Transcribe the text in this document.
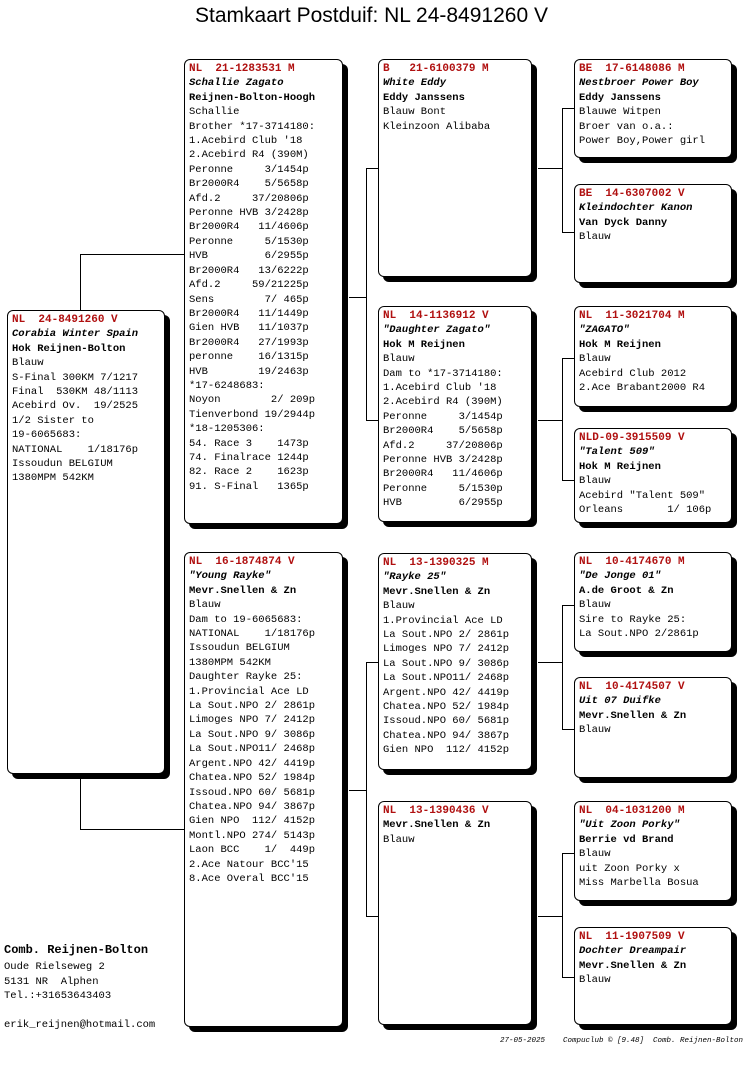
Stamkaart Postduif: NL 24-8491260 V
NL  24-8491260 V
Corabia Winter Spain
Hok Reijnen-Bolton
Blauw
S-Final 300KM 7/1217
Final  530KM 48/1113
Acebird Ov.  19/2525
1/2 Sister to
19-6065683:
NATIONAL    1/18176p
Issoudun BELGIUM
1380MPM 542KM
NL  21-1283531 M
Schallie Zagato
Reijnen-Bolton-Hoogh
Schallie
Brother *17-3714180:
1.Acebird Club '18
2.Acebird R4 (390M)
Peronne     3/1454p
Br2000R4    5/5658p
Afd.2     37/20806p
Peronne HVB 3/2428p
Br2000R4   11/4606p
Peronne     5/1530p
HVB         6/2955p
Br2000R4   13/6222p
Afd.2     59/21225p
Sens        7/ 465p
Br2000R4   11/1449p
Gien HVB   11/1037p
Br2000R4   27/1993p
peronne    16/1315p
HVB        19/2463p
*17-6248683:
Noyon        2/ 209p
Tienverbond 19/2944p
*18-1205306:
54. Race 3    1473p
74. Finalrace 1244p
82. Race 2    1623p
91. S-Final   1365p
NL  16-1874874 V
"Young Rayke"
Mevr.Snellen & Zn
Blauw
Dam to 19-6065683:
NATIONAL    1/18176p
Issoudun BELGIUM
1380MPM 542KM
Daughter Rayke 25:
1.Provincial Ace LD
La Sout.NPO 2/ 2861p
Limoges NPO 7/ 2412p
La Sout.NPO 9/ 3086p
La Sout.NPO11/ 2468p
Argent.NPO 42/ 4419p
Chatea.NPO 52/ 1984p
Issoud.NPO 60/ 5681p
Chatea.NPO 94/ 3867p
Gien NPO  112/ 4152p
Montl.NPO 274/ 5143p
Laon BCC    1/  449p
2.Ace Natour BCC'15
8.Ace Overal BCC'15
B   21-6100379 M
White Eddy
Eddy Janssens
Blauw Bont
Kleinzoon Alibaba
NL  14-1136912 V
"Daughter Zagato"
Hok M Reijnen
Blauw
Dam to *17-3714180:
1.Acebird Club '18
2.Acebird R4 (390M)
Peronne     3/1454p
Br2000R4    5/5658p
Afd.2     37/20806p
Peronne HVB 3/2428p
Br2000R4   11/4606p
Peronne     5/1530p
HVB         6/2955p
NL  13-1390325 M
"Rayke 25"
Mevr.Snellen & Zn
Blauw
1.Provincial Ace LD
La Sout.NPO 2/ 2861p
Limoges NPO 7/ 2412p
La Sout.NPO 9/ 3086p
La Sout.NPO11/ 2468p
Argent.NPO 42/ 4419p
Chatea.NPO 52/ 1984p
Issoud.NPO 60/ 5681p
Chatea.NPO 94/ 3867p
Gien NPO  112/ 4152p
NL  13-1390436 V
Mevr.Snellen & Zn
Blauw
BE  17-6148086 M
Nestbroer Power Boy
Eddy Janssens
Blauwe Witpen
Broer van o.a.:
Power Boy,Power girl
BE  14-6307002 V
Kleindochter Kanon
Van Dyck Danny
Blauw
NL  11-3021704 M
"ZAGATO"
Hok M Reijnen
Blauw
Acebird Club 2012
2.Ace Brabant2000 R4
NLD-09-3915509 V
"Talent 509"
Hok M Reijnen
Blauw
Acebird "Talent 509"
Orleans       1/ 106p
NL  10-4174670 M
"De Jonge 01"
A.de Groot & Zn
Blauw
Sire to Rayke 25:
La Sout.NPO 2/2861p
NL  10-4174507 V
Uit 07 Duifke
Mevr.Snellen & Zn
Blauw
NL  04-1031200 M
"Uit Zoon Porky"
Berrie vd Brand
Blauw
uit Zoon Porky x
Miss Marbella Bosua
NL  11-1907509 V
Dochter Dreampair
Mevr.Snellen & Zn
Blauw
Comb. Reijnen-Bolton
Oude Rielseweg 2
5131 NR  Alphen
Tel.:+31653643403
erik_reijnen@hotmail.com
27-05-2025    Compuclub © [9.48]  Comb. Reijnen-Bolton
